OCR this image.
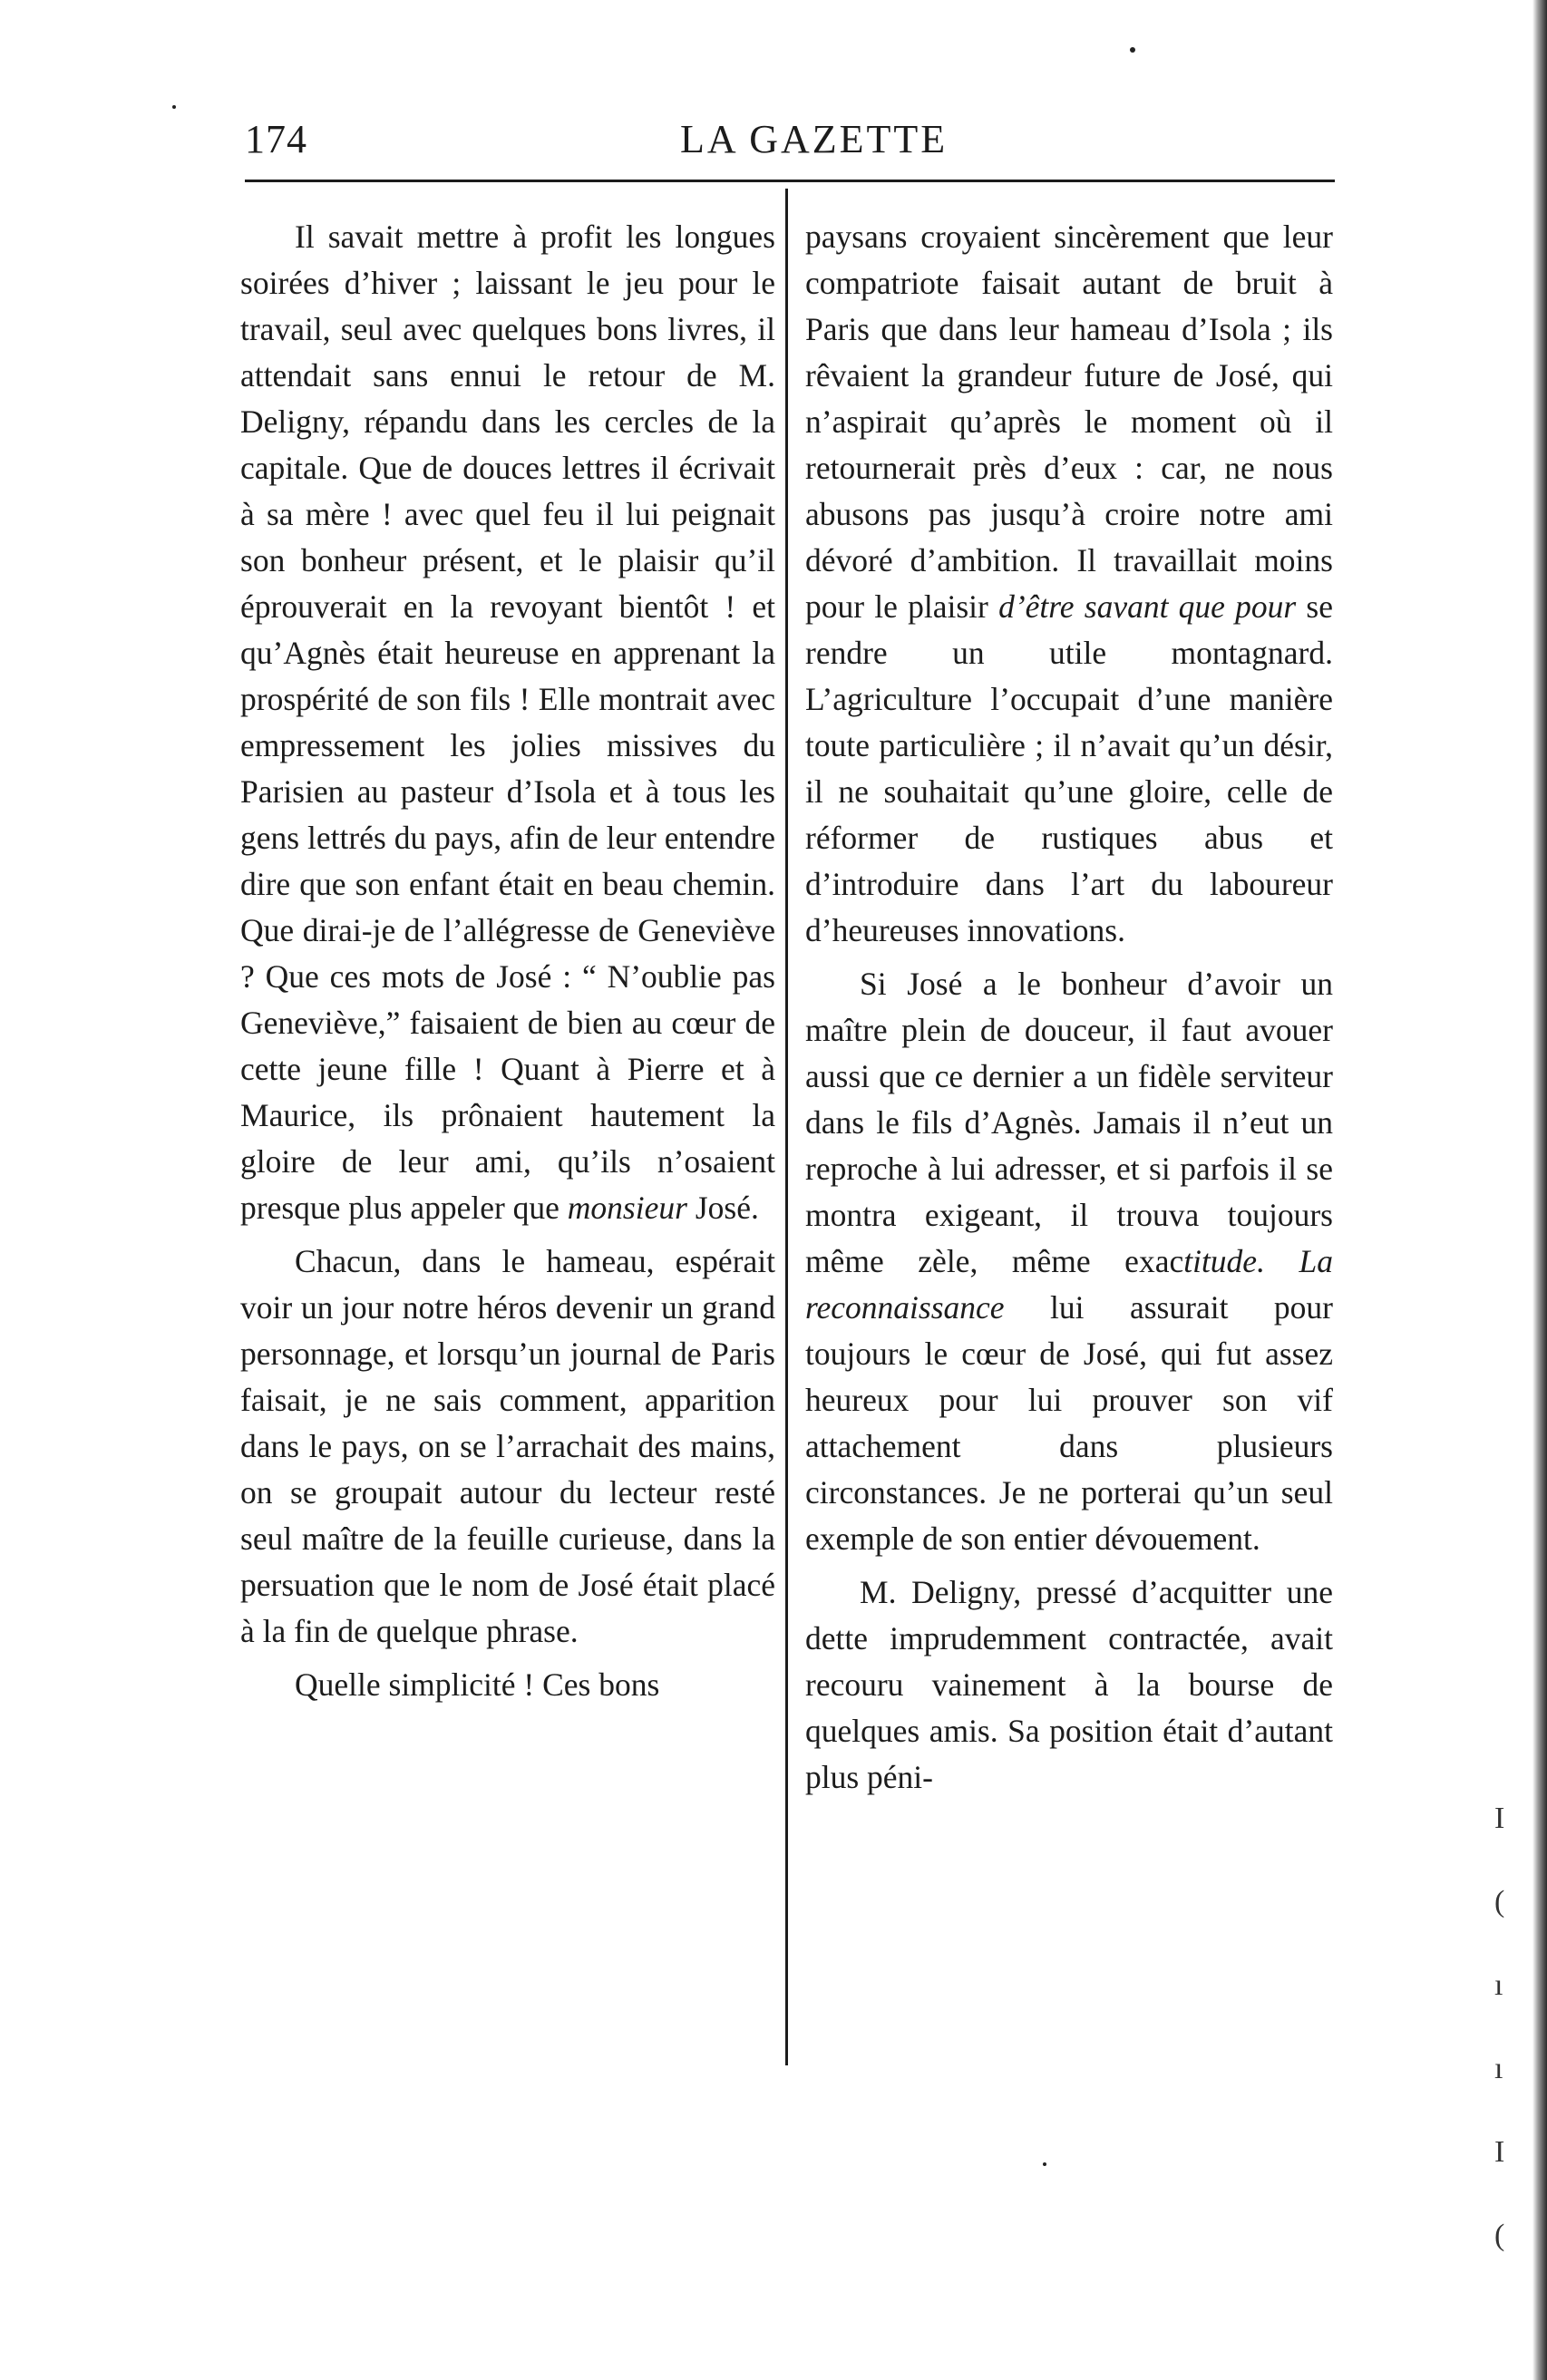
174	LA GAZETTE

Il savait mettre à profit les longues soirées d’hiver ; laissant le jeu pour le travail, seul avec quelques bons livres, il attendait sans ennui le retour de M. Deligny, répandu dans les cercles de la capitale. Que de douces lettres il écrivait à sa mère ! avec quel feu il lui peignait son bonheur présent, et le plaisir qu’il éprouverait en la revoyant bientôt ! et qu’Agnès était heureuse en apprenant la prospérité de son fils ! Elle montrait avec empressement les jolies missives du Parisien au pasteur d’Isola et à tous les gens lettrés du pays, afin de leur entendre dire que son enfant était en beau chemin. Que dirai-je de l’allégresse de Geneviève ? Que ces mots de José : “ N’oublie pas Geneviève,” faisaient de bien au cœur de cette jeune fille ! Quant à Pierre et à Maurice, ils prônaient hautement la gloire de leur ami, qu’ils n’osaient presque plus appeler que monsieur José.

Chacun, dans le hameau, espérait voir un jour notre héros devenir un grand personnage, et lorsqu’un journal de Paris faisait, je ne sais comment, apparition dans le pays, on se l’arrachait des mains, on se groupait autour du lecteur resté seul maître de la feuille curieuse, dans la persuation que le nom de José était placé à la fin de quelque phrase.

Quelle simplicité ! Ces bons

paysans croyaient sincèrement que leur compatriote faisait autant de bruit à Paris que dans leur hameau d’Isola ; ils rêvaient la grandeur future de José, qui n’aspirait qu’après le moment où il retournerait près d’eux : car, ne nous abusons pas jusqu’à croire notre ami dévoré d’ambition. Il travaillait moins pour le plaisir d’être savant que pour se rendre un utile montagnard. L’agriculture l’occupait d’une manière toute particulière ; il n’avait qu’un désir, il ne souhaitait qu’une gloire, celle de réformer de rustiques abus et d’introduire dans l’art du laboureur d’heureuses innovations.

Si José a le bonheur d’avoir un maître plein de douceur, il faut avouer aussi que ce dernier a un fidèle serviteur dans le fils d’Agnès. Jamais il n’eut un reproche à lui adresser, et si parfois il se montra exigeant, il trouva toujours même zèle, même exactitude. La reconnaissance lui assurait pour toujours le cœur de José, qui fut assez heureux pour lui prouver son vif attachement dans plusieurs circonstances. Je ne porterai qu’un seul exemple de son entier dévouement.

M. Deligny, pressé d’acquitter une dette imprudemment contractée, avait recouru vainement à la bourse de quelques amis. Sa position était d’autant plus péni-

I
(
ı
ı
I
(
